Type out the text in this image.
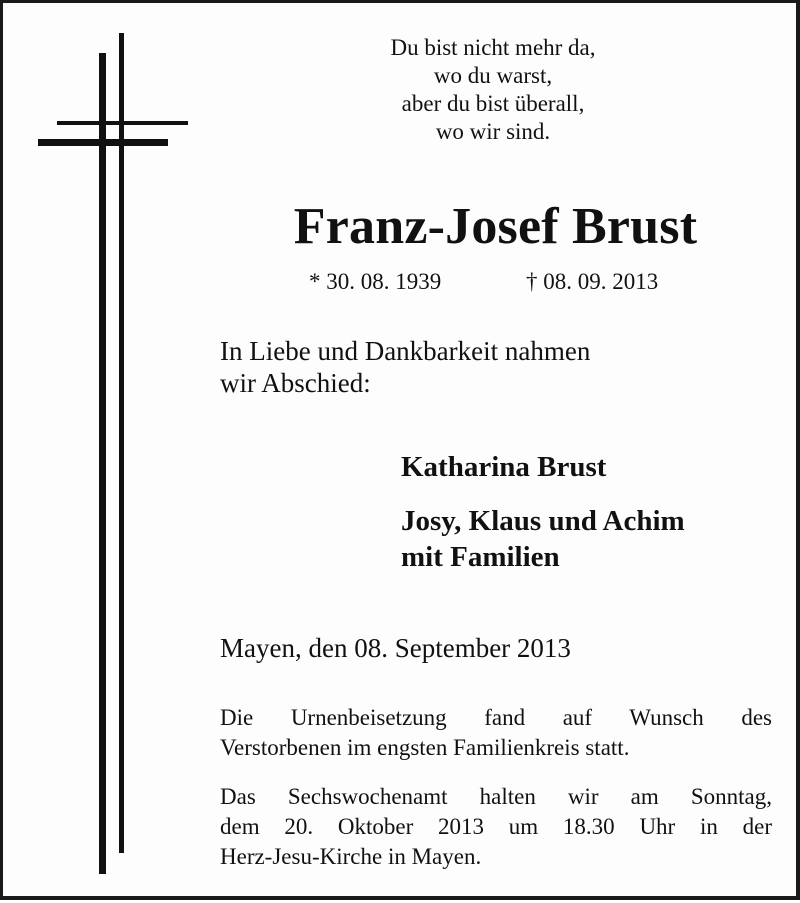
Du bist nicht mehr da,
wo du warst,
aber du bist überall,
wo wir sind.
Franz-Josef Brust
* 30. 08. 1939	† 08. 09. 2013
In Liebe und Dankbarkeit nahmen
wir Abschied:
Katharina Brust
Josy, Klaus und Achim
mit Familien
Mayen, den 08. September 2013
Die Urnenbeisetzung fand auf Wunsch des
Verstorbenen im engsten Familienkreis statt.
Das Sechswochenamt halten wir am Sonntag,
dem 20. Oktober 2013 um 18.30 Uhr in der
Herz-Jesu-Kirche in Mayen.
